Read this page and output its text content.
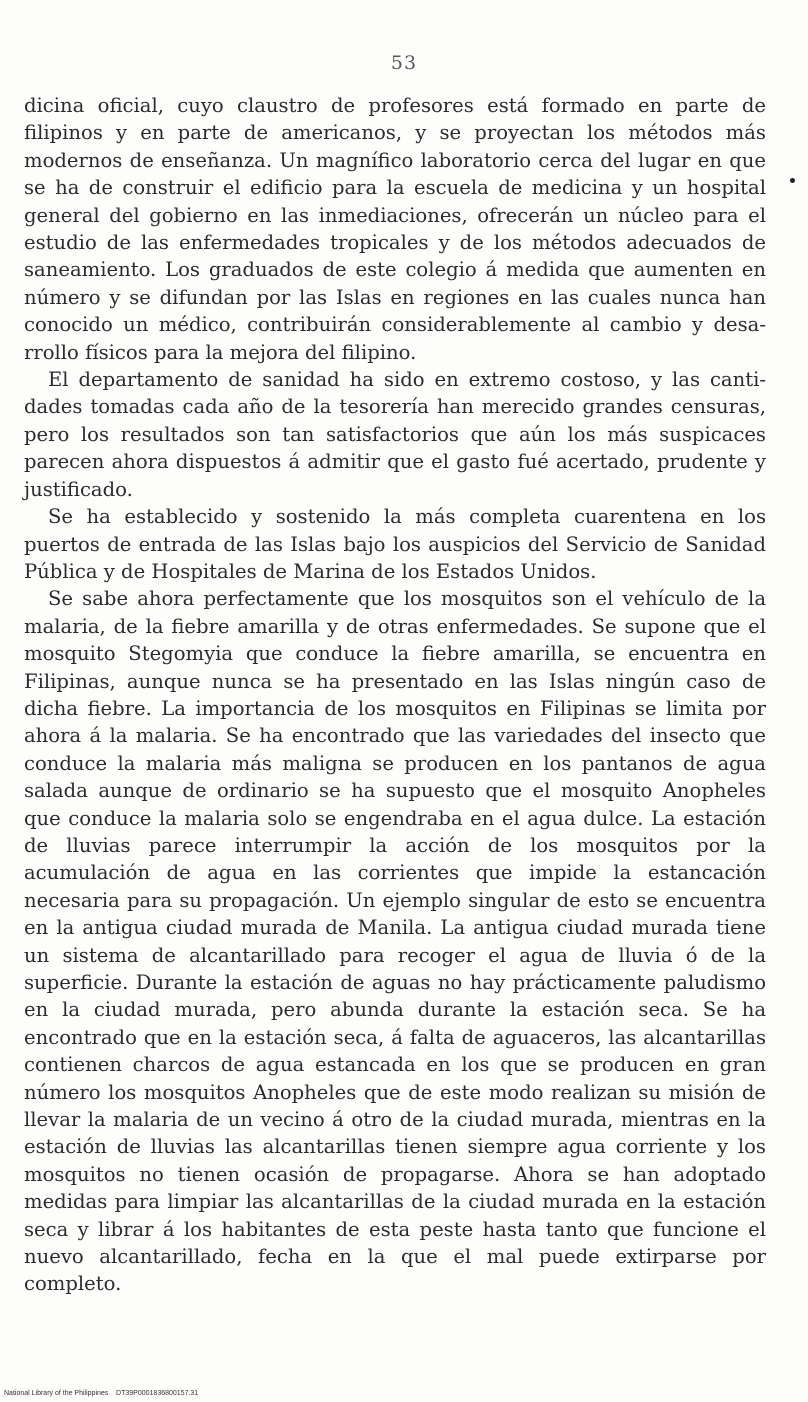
53

dicina oficial, cuyo claustro de profesores está formado en parte de filipinos y en parte de americanos, y se proyectan los métodos más modernos de enseñanza. Un magnífico laboratorio cerca del lugar en que se ha de construir el edificio para la escuela de medicina y un hospital general del gobierno en las inmediaciones, ofrecerán un núcleo para el estudio de las enfermedades tropicales y de los métodos adecuados de saneamiento. Los graduados de este colegio á medida que aumenten en número y se difundan por las Islas en regiones en las cuales nunca han conocido un médico, contribuirán considerablemente al cambio y desarrollo físicos para la mejora del filipino.

El departamento de sanidad ha sido en extremo costoso, y las cantidades tomadas cada año de la tesorería han merecido grandes censuras, pero los resultados son tan satisfactorios que aún los más suspicaces parecen ahora dispuestos á admitir que el gasto fué acertado, prudente y justificado.

Se ha establecido y sostenido la más completa cuarentena en los puertos de entrada de las Islas bajo los auspicios del Servicio de Sanidad Pública y de Hospitales de Marina de los Estados Unidos.

Se sabe ahora perfectamente que los mosquitos son el vehículo de la malaria, de la fiebre amarilla y de otras enfermedades. Se supone que el mosquito Stegomyia que conduce la fiebre amarilla, se encuentra en Filipinas, aunque nunca se ha presentado en las Islas ningún caso de dicha fiebre. La importancia de los mosquitos en Filipinas se limita por ahora á la malaria. Se ha encontrado que las variedades del insecto que conduce la malaria más maligna se producen en los pantanos de agua salada aunque de ordinario se ha supuesto que el mosquito Anopheles que conduce la malaria solo se engendraba en el agua dulce. La estación de lluvias parece interrumpir la acción de los mosquitos por la acumulación de agua en las corrientes que impide la estancación necesaria para su propagación. Un ejemplo singular de esto se encuentra en la antigua ciudad murada de Manila. La antigua ciudad murada tiene un sistema de alcantarillado para recoger el agua de lluvia ó de la superficie. Durante la estación de aguas no hay prácticamente paludismo en la ciudad murada, pero abunda durante la estación seca. Se ha encontrado que en la estación seca, á falta de aguaceros, las alcantarillas contienen charcos de agua estancada en los que se producen en gran número los mosquitos Anopheles que de este modo realizan su misión de llevar la malaria de un vecino á otro de la ciudad murada, mientras en la estación de lluvias las alcantarillas tienen siempre agua corriente y los mosquitos no tienen ocasión de propagarse. Ahora se han adoptado medidas para limpiar las alcantarillas de la ciudad murada en la estación seca y librar á los habitantes de esta peste hasta tanto que funcione el nuevo alcantarillado, fecha en la que el mal puede extirparse por completo.

National Library of the Philippines    DT39P0001836800157.31
